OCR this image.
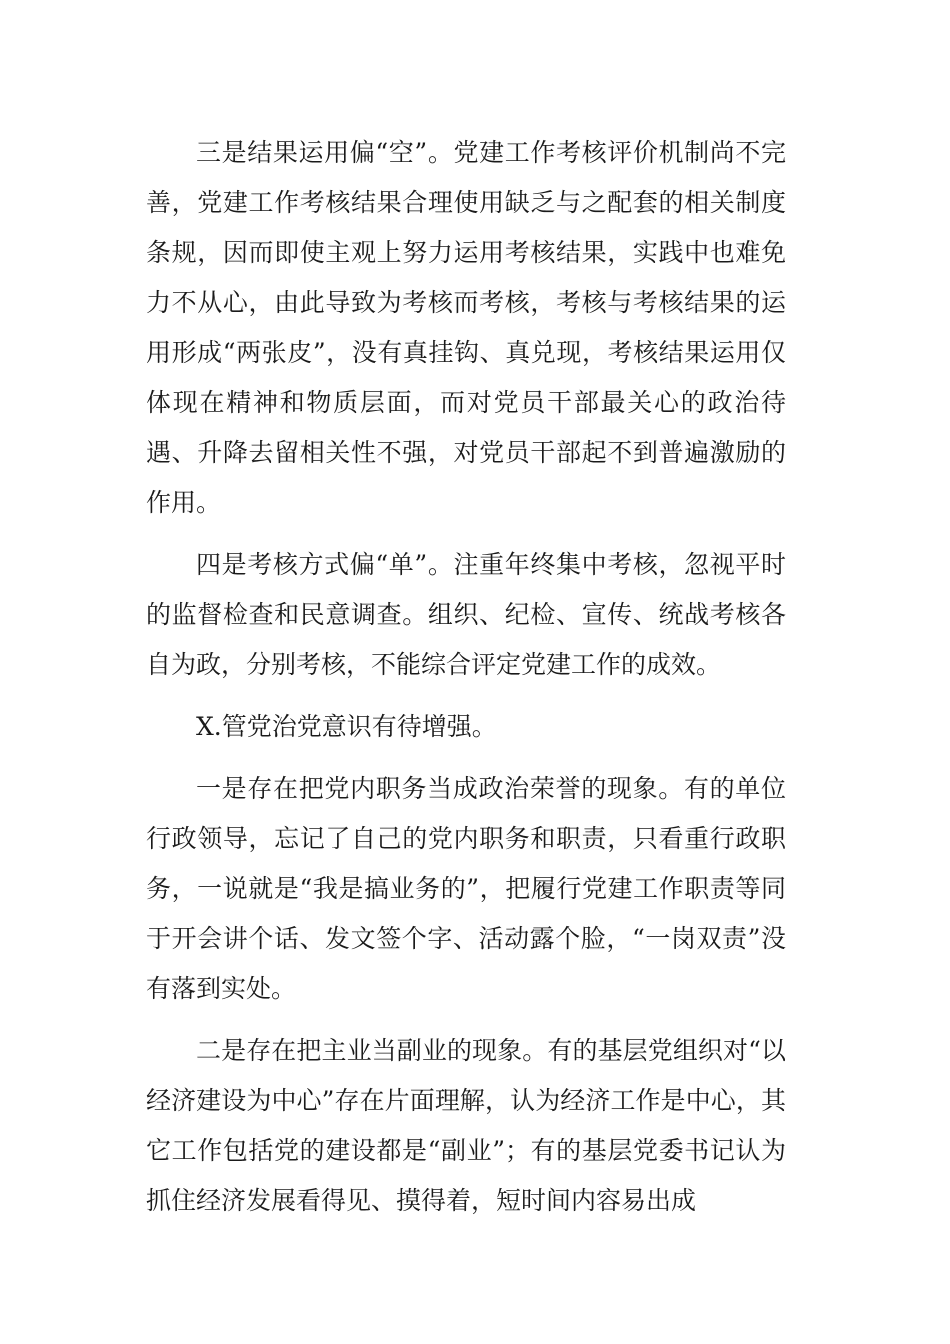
三是结果运用偏“空”。党建工作考核评价机制尚不完善，党建工作考核结果合理使用缺乏与之配套的相关制度条规，因而即使主观上努力运用考核结果，实践中也难免力不从心，由此导致为考核而考核，考核与考核结果的运用形成“两张皮”，没有真挂钩、真兑现，考核结果运用仅体现在精神和物质层面，而对党员干部最关心的政治待遇、升降去留相关性不强，对党员干部起不到普遍激励的作用。

四是考核方式偏“单”。注重年终集中考核，忽视平时的监督检查和民意调查。组织、纪检、宣传、统战考核各自为政，分别考核，不能综合评定党建工作的成效。

X.管党治党意识有待增强。

一是存在把党内职务当成政治荣誉的现象。有的单位行政领导，忘记了自己的党内职务和职责，只看重行政职务，一说就是“我是搞业务的”，把履行党建工作职责等同于开会讲个话、发文签个字、活动露个脸，“一岗双责”没有落到实处。

二是存在把主业当副业的现象。有的基层党组织对“以经济建设为中心”存在片面理解，认为经济工作是中心，其它工作包括党的建设都是“副业”；有的基层党委书记认为抓住经济发展看得见、摸得着，短时间内容易出成
